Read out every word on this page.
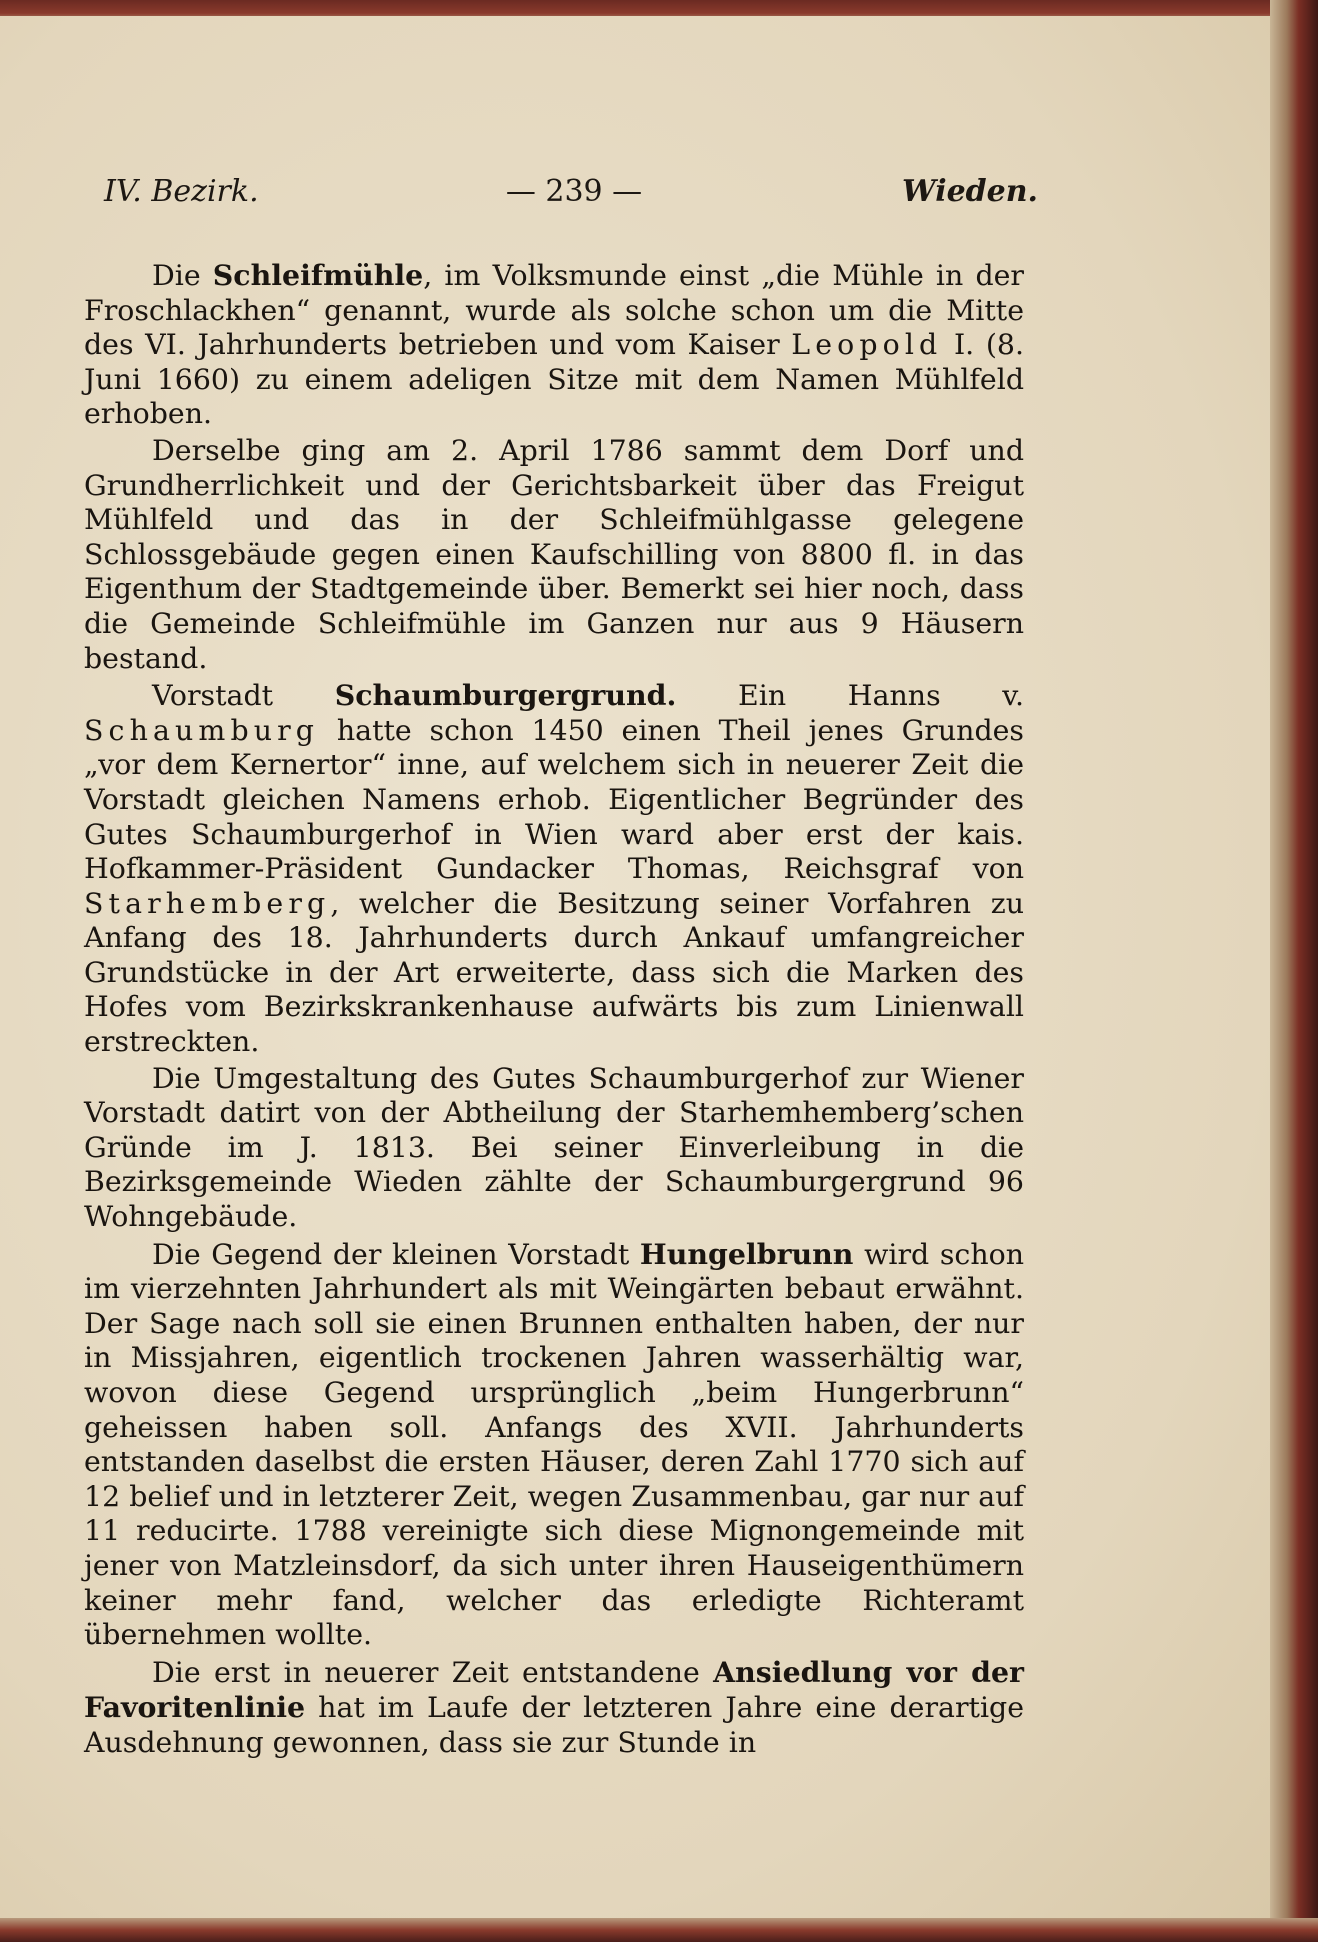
IV. Bezirk.	— 239 —	Wieden.

Die Schleifmühle, im Volksmunde einst „die Mühle in der Froschlackhen“ genannt, wurde als solche schon um die Mitte des VI. Jahrhunderts betrieben und vom Kaiser Leopold I. (8. Juni 1660) zu einem adeligen Sitze mit dem Namen Mühlfeld erhoben.

Derselbe ging am 2. April 1786 sammt dem Dorf und Grundherrlichkeit und der Gerichtsbarkeit über das Freigut Mühlfeld und das in der Schleifmühlgasse gelegene Schlossgebäude gegen einen Kaufschilling von 8800 fl. in das Eigenthum der Stadtgemeinde über. Bemerkt sei hier noch, dass die Gemeinde Schleifmühle im Ganzen nur aus 9 Häusern bestand.

Vorstadt Schaumburgergrund. Ein Hanns v. Schaumburg hatte schon 1450 einen Theil jenes Grundes „vor dem Kernertor“ inne, auf welchem sich in neuerer Zeit die Vorstadt gleichen Namens erhob. Eigentlicher Begründer des Gutes Schaumburgerhof in Wien ward aber erst der kais. Hofkammer-Präsident Gundacker Thomas, Reichsgraf von Starhemberg, welcher die Besitzung seiner Vorfahren zu Anfang des 18. Jahrhunderts durch Ankauf umfangreicher Grundstücke in der Art erweiterte, dass sich die Marken des Hofes vom Bezirkskrankenhause aufwärts bis zum Linienwall erstreckten.

Die Umgestaltung des Gutes Schaumburgerhof zur Wiener Vorstadt datirt von der Abtheilung der Starhemhemberg’schen Gründe im J. 1813. Bei seiner Einverleibung in die Bezirksgemeinde Wieden zählte der Schaumburgergrund 96 Wohngebäude.

Die Gegend der kleinen Vorstadt Hungelbrunn wird schon im vierzehnten Jahrhundert als mit Weingärten bebaut erwähnt. Der Sage nach soll sie einen Brunnen enthalten haben, der nur in Missjahren, eigentlich trockenen Jahren wasserhältig war, wovon diese Gegend ursprünglich „beim Hungerbrunn“ geheissen haben soll. Anfangs des XVII. Jahrhunderts entstanden daselbst die ersten Häuser, deren Zahl 1770 sich auf 12 belief und in letzterer Zeit, wegen Zusammenbau, gar nur auf 11 reducirte. 1788 vereinigte sich diese Mignongemeinde mit jener von Matzleinsdorf, da sich unter ihren Hauseigenthümern keiner mehr fand, welcher das erledigte Richteramt übernehmen wollte.

Die erst in neuerer Zeit entstandene Ansiedlung vor der Favoritenlinie hat im Laufe der letzteren Jahre eine derartige Ausdehnung gewonnen, dass sie zur Stunde in
